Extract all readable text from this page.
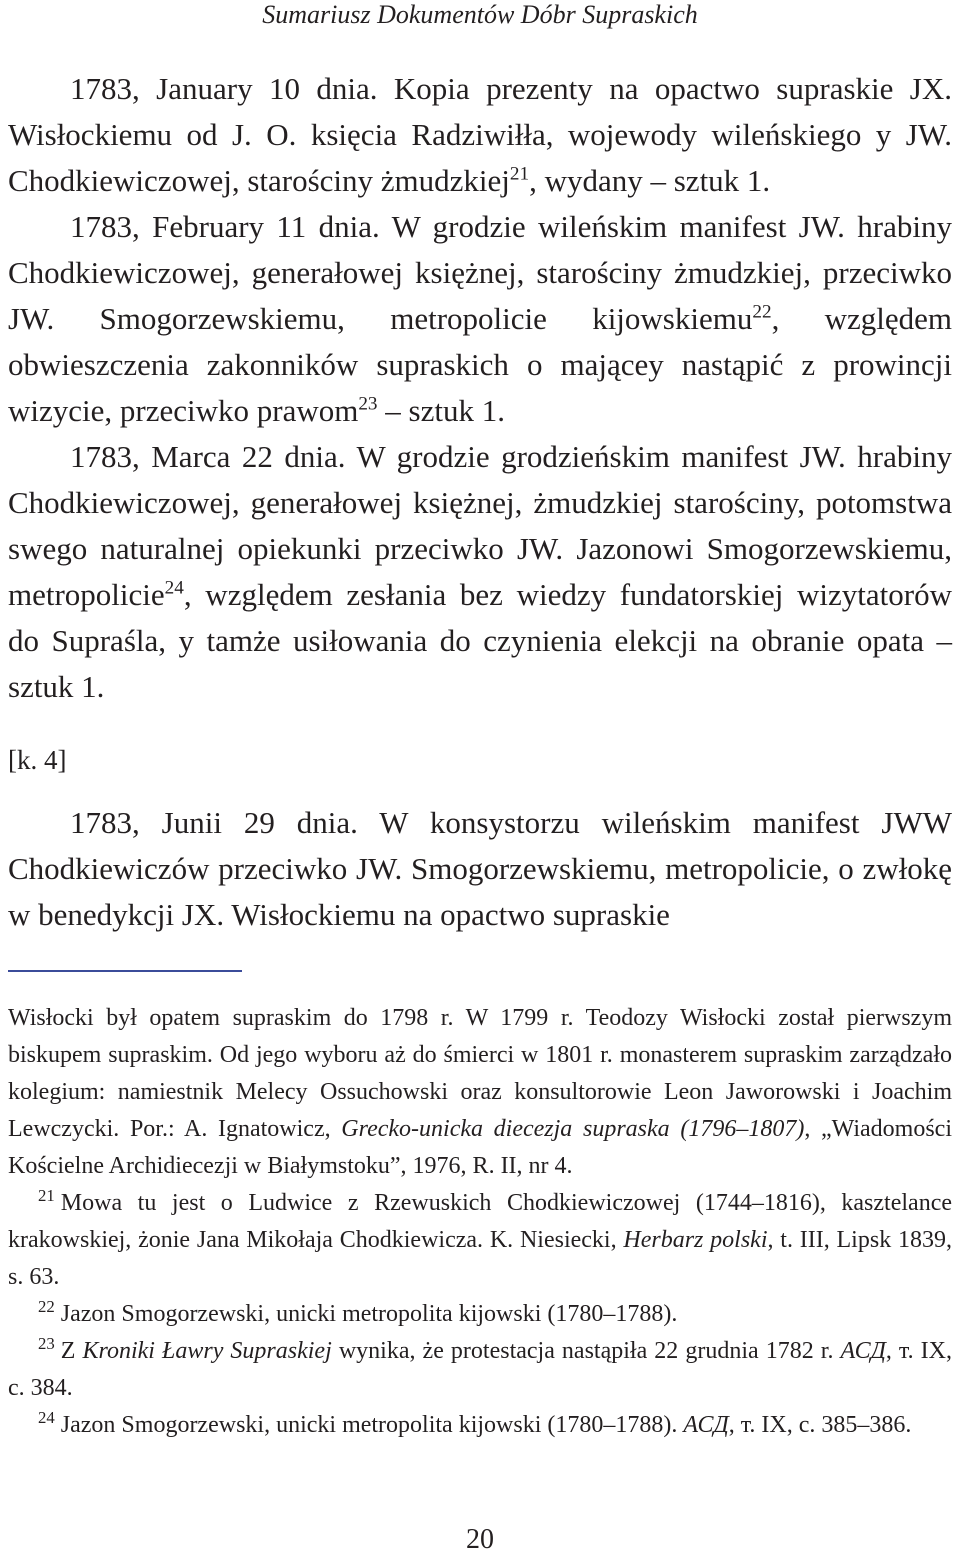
Sumariusz Dokumentów Dóbr Supraskich

1783, January 10 dnia. Kopia prezenty na opactwo supraskie JX. Wisłockiemu od J. O. księcia Radziwiłła, wojewody wileńskiego y JW. Chodkiewiczowej, starościny żmudzkiej$^{21}$, wydany – sztuk 1.

1783, February 11 dnia. W grodzie wileńskim manifest JW. hrabiny Chodkiewiczowej, generałowej księżnej, starościny żmudzkiej, przeciwko JW. Smogorzewskiemu, metropolicie kijowskiemu$^{22}$, względem obwieszczenia zakonników supraskich o mającey nastąpić z prowincji wizycie, przeciwko prawom$^{23}$ – sztuk 1.

1783, Marca 22 dnia. W grodzie grodzieńskim manifest JW. hrabiny Chodkiewiczowej, generałowej księżnej, żmudzkiej starościny, potomstwa swego naturalnej opiekunki przeciwko JW. Jazonowi Smogorzewskiemu, metropolicie$^{24}$, względem zesłania bez wiedzy fundatorskiej wizytatorów do Supraśla, y tamże usiłowania do czynienia elekcji na obranie opata – sztuk 1.

[k. 4]

1783, Junii 29 dnia. W konsystorzu wileńskim manifest JWW Chodkiewiczów przeciwko JW. Smogorzewskiemu, metropolicie, o zwłokę w benedykcji JX. Wisłockiemu na opactwo supraskie

Wisłocki był opatem supraskim do 1798 r. W 1799 r. Teodozy Wisłocki został pierwszym biskupem supraskim. Od jego wyboru aż do śmierci w 1801 r. monasterem supraskim zarządzało kolegium: namiestnik Melecy Ossuchowski oraz konsultorowie Leon Jaworowski i Joachim Lewczycki. Por.: A. Ignatowicz, Grecko-unicka diecezja supraska (1796–1807), „Wiadomości Kościelne Archidiecezji w Białymstoku”, 1976, R. II, nr 4.

$^{21}$ Mowa tu jest o Ludwice z Rzewuskich Chodkiewiczowej (1744–1816), kasztelance krakowskiej, żonie Jana Mikołaja Chodkiewicza. K. Niesiecki, Herbarz polski, t. III, Lipsk 1839, s. 63.

$^{22}$ Jazon Smogorzewski, unicki metropolita kijowski (1780–1788).

$^{23}$ Z Kroniki Ławry Supraskiej wynika, że protestacja nastąpiła 22 grudnia 1782 r. АСД, т. IX, с. 384.

$^{24}$ Jazon Smogorzewski, unicki metropolita kijowski (1780–1788). АСД, т. IX, с. 385–386.

20
